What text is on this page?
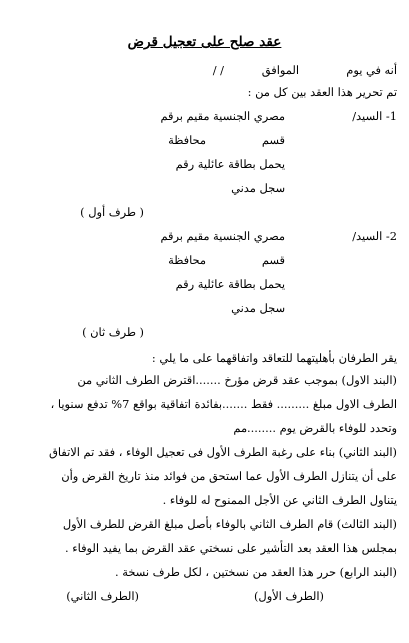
عقد صلح على تعجيل قرض
أنه في يوم
الموافق
/ /
تم تحرير هذا العقد بين كل من :
1- السيد/
مصري الجنسية مقيم برقم
قسم
محافظة
يحمل بطاقة عائلية رقم
سجل مدني
( طرف أول )
2- السيد/
مصري الجنسية مقيم برقم
قسم
محافظة
يحمل بطاقة عائلية رقم
سجل مدني
( طرف ثان )
يقر الطرفان بأهليتهما للتعاقد واتفاقهما على ما يلي :
(البند الاول) بموجب عقد قرض مؤرخ .......اقترض الطرف الثاني من
الطرف الاول مبلغ ......... فقط .......بفائدة اتفاقية بواقع 7% تدفع سنويا ،
وتحدد للوفاء بالقرض يوم ........مم
(البند الثاني) بناء على رغبة الطرف الأول فى تعجيل الوفاء ، فقد تم الاتفاق
على أن يتنازل الطرف الأول عما استحق من فوائد منذ تاريخ القرض وأن
يتناول الطرف الثاني عن الأجل الممنوح له للوفاء .
(البند الثالث) قام الطرف الثاني بالوفاء بأصل مبلغ القرض للطرف الأول
بمجلس هذا العقد بعد التأشير على نسختي عقد القرض بما يفيد الوفاء .
(البند الرابع) حرر هذا العقد من نسختين ، لكل طرف نسخة .
(الطرف الأول)
(الطرف الثاني)
